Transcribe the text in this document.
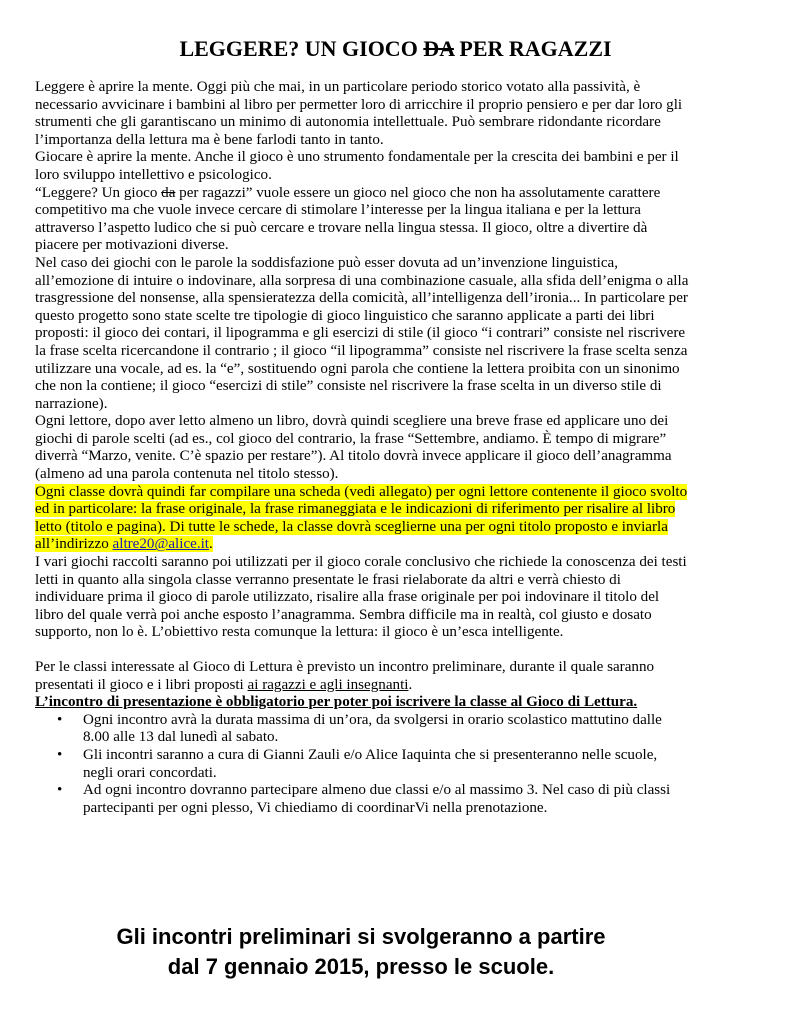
LEGGERE? UN GIOCO DA PER RAGAZZI

Leggere è aprire la mente. Oggi più che mai, in un particolare periodo storico votato alla passività, è necessario avvicinare i bambini al libro per permetter loro di arricchire il proprio pensiero e per dar loro gli strumenti che gli garantiscano un minimo di autonomia intellettuale. Può sembrare ridondante ricordare l’importanza della lettura ma è bene farlodi tanto in tanto.

Giocare è aprire la mente. Anche il gioco è uno strumento fondamentale per la crescita dei bambini e per il loro sviluppo intellettivo e psicologico.

“Leggere? Un gioco da per ragazzi” vuole essere un gioco nel gioco che non ha assolutamente carattere competitivo ma che vuole invece cercare di stimolare l’interesse per la lingua italiana e per la lettura attraverso l’aspetto ludico che si può cercare e trovare nella lingua stessa. Il gioco, oltre a divertire dà piacere per motivazioni diverse.

Nel caso dei giochi con le parole la soddisfazione può esser dovuta ad un’invenzione linguistica, all’emozione di intuire o indovinare, alla sorpresa di una combinazione casuale, alla sfida dell’enigma o alla trasgressione del nonsense, alla spensieratezza della comicità, all’intelligenza dell’ironia... In particolare per questo progetto sono state scelte tre tipologie di gioco linguistico che saranno applicate a parti dei libri proposti: il gioco dei contari, il lipogramma e gli esercizi di stile (il gioco “i contrari” consiste nel riscrivere la frase scelta ricercandone il contrario ; il gioco “il lipogramma” consiste nel riscrivere la frase scelta senza utilizzare una vocale, ad es. la “e”, sostituendo ogni parola che contiene la lettera proibita con un sinonimo che non la contiene; il gioco “esercizi di stile” consiste nel riscrivere la frase scelta in un diverso stile di narrazione).

Ogni lettore, dopo aver letto almeno un libro, dovrà quindi scegliere una breve frase ed applicare uno dei giochi di parole scelti (ad es., col gioco del contrario, la frase “Settembre, andiamo. È tempo di migrare” diverrà “Marzo, venite. C’è spazio per restare”). Al titolo dovrà invece applicare il gioco dell’anagramma (almeno ad una parola contenuta nel titolo stesso).

Ogni classe dovrà quindi far compilare una scheda (vedi allegato) per ogni lettore contenente il gioco svolto ed in particolare: la frase originale, la frase rimaneggiata e le indicazioni di riferimento per risalire al libro letto (titolo e pagina). Di tutte le schede, la classe dovrà sceglierne una per ogni titolo proposto e inviarla all’indirizzo altre20@alice.it.

I vari giochi raccolti saranno poi utilizzati per il gioco corale conclusivo che richiede la conoscenza dei testi letti in quanto alla singola classe verranno presentate le frasi rielaborate da altri e verrà chiesto di individuare prima il gioco di parole utilizzato, risalire alla frase originale per poi indovinare il titolo del libro del quale verrà poi anche esposto l’anagramma. Sembra difficile ma in realtà, col giusto e dosato supporto, non lo è. L’obiettivo resta comunque la lettura: il gioco è un’esca intelligente.

Per le classi interessate al Gioco di Lettura è previsto un incontro preliminare, durante il quale saranno presentati il gioco e i libri proposti ai ragazzi e agli insegnanti.

L’incontro di presentazione è obbligatorio per poter poi iscrivere la classe al Gioco di Lettura.

• Ogni incontro avrà la durata massima di un’ora, da svolgersi in orario scolastico mattutino dalle 8.00 alle 13 dal lunedì al sabato.
• Gli incontri saranno a cura di Gianni Zauli e/o Alice Iaquinta che si presenteranno nelle scuole, negli orari concordati.
• Ad ogni incontro dovranno partecipare almeno due classi e/o al massimo 3. Nel caso di più classi partecipanti per ogni plesso, Vi chiediamo di coordinarVi nella prenotazione.
Gli incontri preliminari si svolgeranno a partire
dal 7 gennaio 2015, presso le scuole.
